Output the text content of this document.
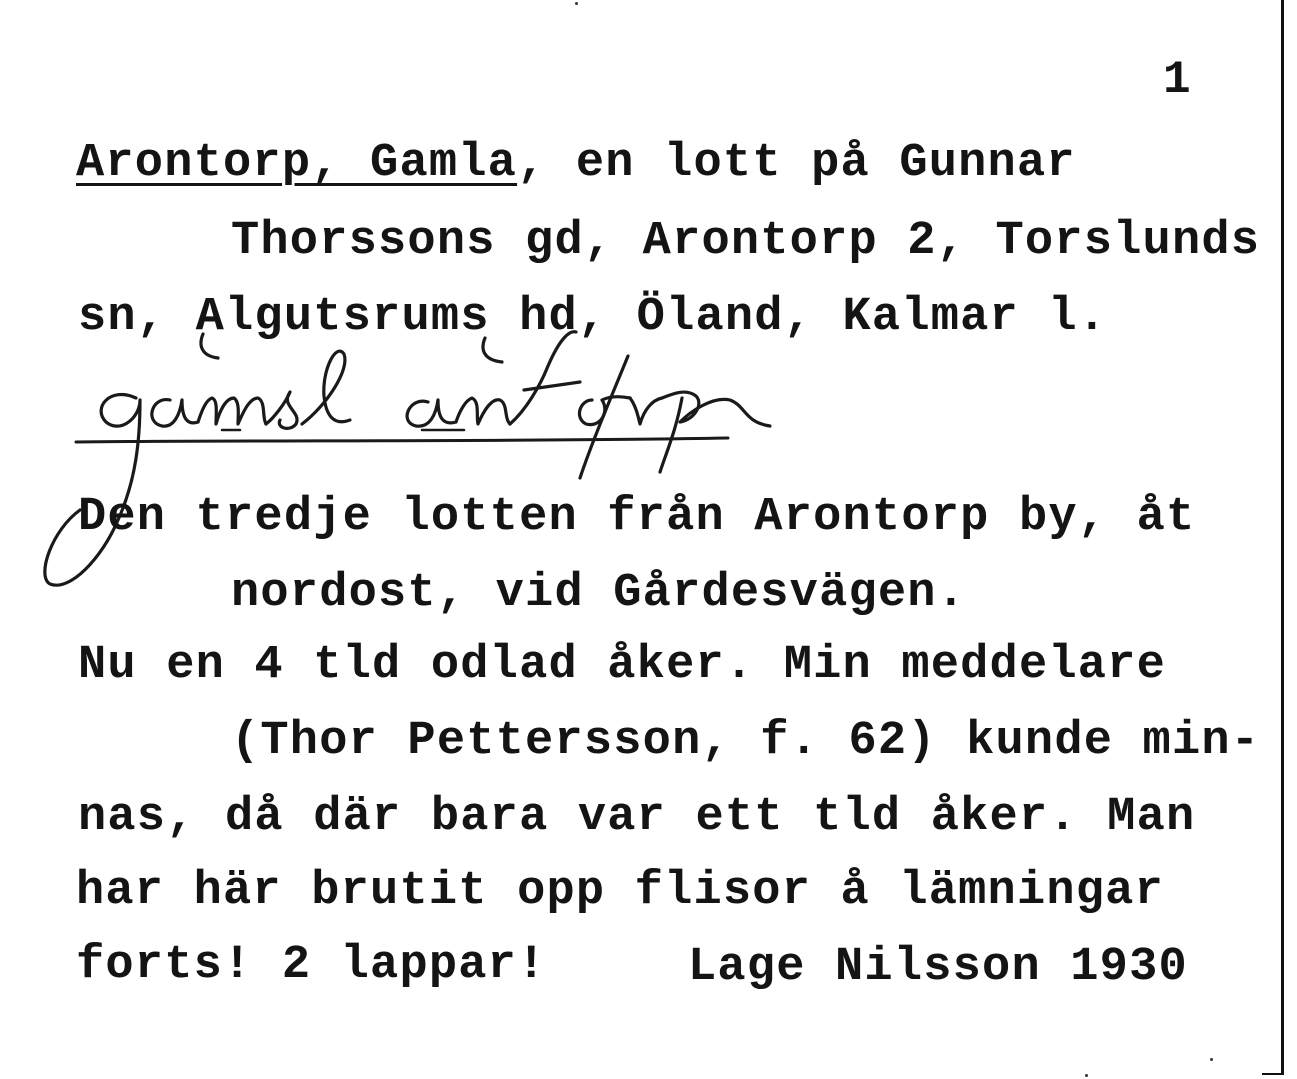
1
Arontorp, Gamla, en lott på Gunnar
Thorssons gd, Arontorp 2, Torslunds
sn, Algutsrums hd, Öland, Kalmar l.
Den tredje lotten från Arontorp by, åt
nordost, vid Gårdesvägen.
Nu en 4 tld odlad åker. Min meddelare
(Thor Pettersson, f. 62) kunde min-
nas, då där bara var ett tld åker. Man
har här brutit opp flisor å lämningar
forts! 2 lappar!	Lage Nilsson 1930
